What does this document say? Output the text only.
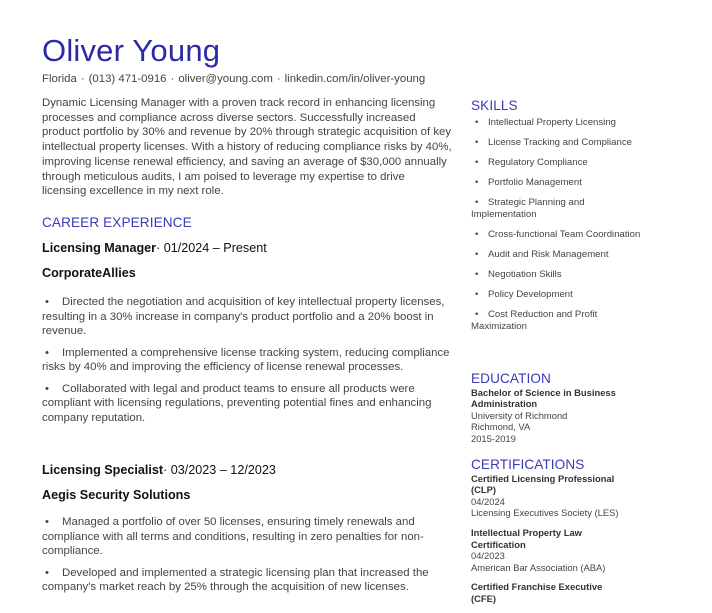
Oliver Young
Florida · (013) 471-0916 · oliver@young.com · linkedin.com/in/oliver-young

Dynamic Licensing Manager with a proven track record in enhancing licensing processes and compliance across diverse sectors. Successfully increased product portfolio by 30% and revenue by 20% through strategic acquisition of key intellectual property licenses. With a history of reducing compliance risks by 40%, improving license renewal efficiency, and saving an average of $30,000 annually through meticulous audits, I am poised to leverage my expertise to drive licensing excellence in my next role.

CAREER EXPERIENCE
Licensing Manager· 01/2024 – Present
CorporateAllies
• Directed the negotiation and acquisition of key intellectual property licenses, resulting in a 30% increase in company's product portfolio and a 20% boost in revenue.
• Implemented a comprehensive license tracking system, reducing compliance risks by 40% and improving the efficiency of license renewal processes.
• Collaborated with legal and product teams to ensure all products were compliant with licensing regulations, preventing potential fines and enhancing company reputation.
Licensing Specialist· 03/2023 – 12/2023
Aegis Security Solutions
• Managed a portfolio of over 50 licenses, ensuring timely renewals and compliance with all terms and conditions, resulting in zero penalties for non-compliance.
• Developed and implemented a strategic licensing plan that increased the company's market reach by 25% through the acquisition of new licenses.
SKILLS
• Intellectual Property Licensing
• License Tracking and Compliance
• Regulatory Compliance
• Portfolio Management
• Strategic Planning and Implementation
• Cross-functional Team Coordination
• Audit and Risk Management
• Negotiation Skills
• Policy Development
• Cost Reduction and Profit Maximization
EDUCATION
Bachelor of Science in Business Administration
University of Richmond
Richmond, VA
2015-2019
CERTIFICATIONS
Certified Licensing Professional (CLP)
04/2024
Licensing Executives Society (LES)
Intellectual Property Law Certification
04/2023
American Bar Association (ABA)
Certified Franchise Executive (CFE)
